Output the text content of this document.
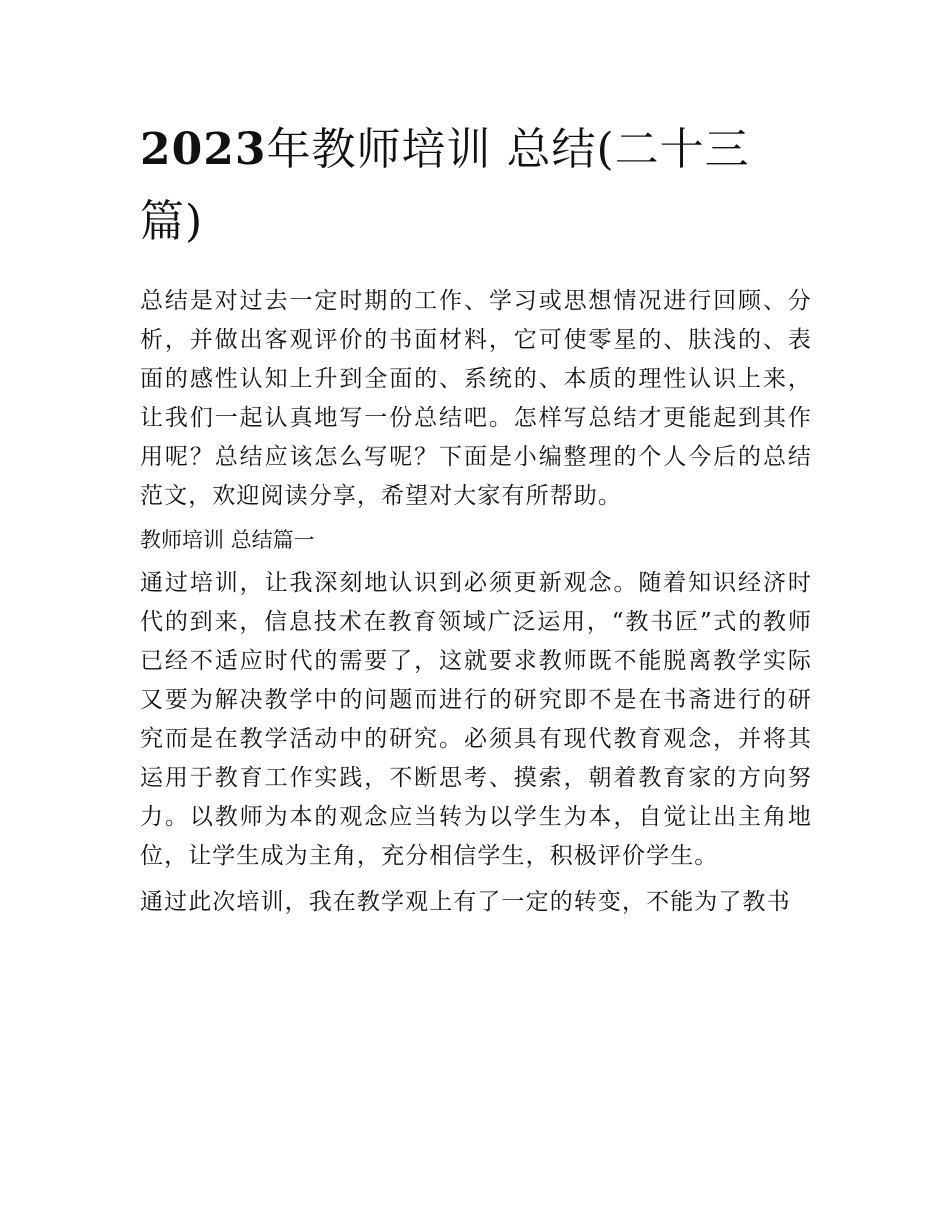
2023年教师培训 总结(二十三篇)

总结是对过去一定时期的工作、学习或思想情况进行回顾、分析，并做出客观评价的书面材料，它可使零星的、肤浅的、表面的感性认知上升到全面的、系统的、本质的理性认识上来，让我们一起认真地写一份总结吧。怎样写总结才更能起到其作用呢？总结应该怎么写呢？下面是小编整理的个人今后的总结范文，欢迎阅读分享，希望对大家有所帮助。

教师培训 总结篇一

通过培训，让我深刻地认识到必须更新观念。随着知识经济时代的到来，信息技术在教育领域广泛运用，“教书匠”式的教师已经不适应时代的需要了，这就要求教师既不能脱离教学实际又要为解决教学中的问题而进行的研究即不是在书斋进行的研究而是在教学活动中的研究。必须具有现代教育观念，并将其运用于教育工作实践，不断思考、摸索，朝着教育家的方向努力。以教师为本的观念应当转为以学生为本，自觉让出主角地位，让学生成为主角，充分相信学生，积极评价学生。

通过此次培训，我在教学观上有了一定的转变，不能为了教书
